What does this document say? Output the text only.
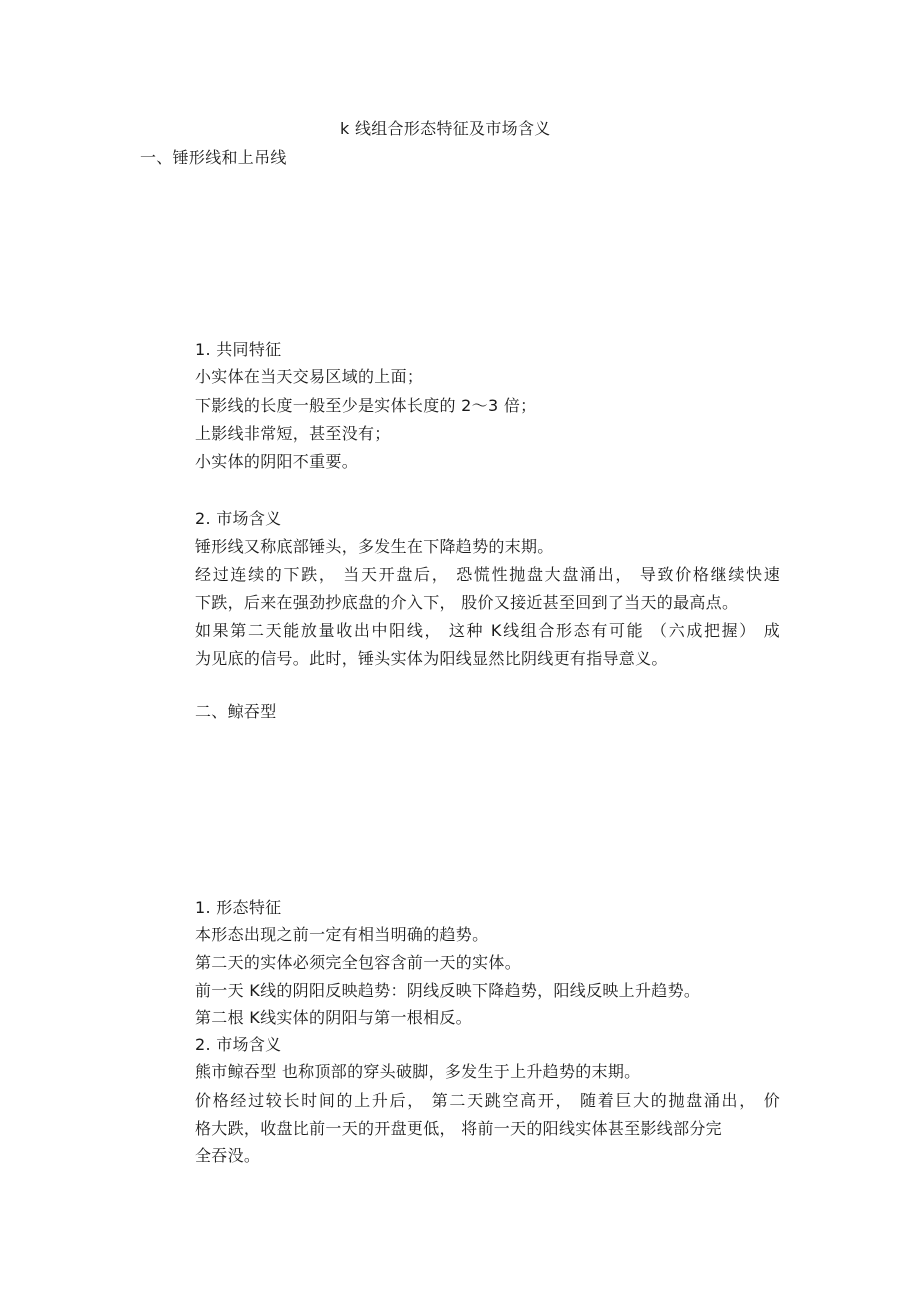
k 线组合形态特征及市场含义
一、锤形线和上吊线
1. 共同特征
小实体在当天交易区域的上面；
下影线的长度一般至少是实体长度的 2～3 倍；
上影线非常短，甚至没有；
小实体的阴阳不重要。
2. 市场含义
锤形线又称底部锤头，多发生在下降趋势的末期。
经过连续的下跌， 当天开盘后， 恐慌性抛盘大盘涌出， 导致价格继续快速
下跌，后来在强劲抄底盘的介入下， 股价又接近甚至回到了当天的最高点。
如果第二天能放量收出中阳线， 这种 K线组合形态有可能 （六成把握） 成
为见底的信号。此时，锤头实体为阳线显然比阴线更有指导意义。
二、鲸吞型
1. 形态特征
本形态出现之前一定有相当明确的趋势。
第二天的实体必须完全包容含前一天的实体。
前一天 K线的阴阳反映趋势：阴线反映下降趋势，阳线反映上升趋势。
第二根 K线实体的阴阳与第一根相反。
2. 市场含义
熊市鲸吞型 也称顶部的穿头破脚，多发生于上升趋势的末期。
价格经过较长时间的上升后， 第二天跳空高开， 随着巨大的抛盘涌出， 价
格大跌，收盘比前一天的开盘更低， 将前一天的阳线实体甚至影线部分完
全吞没。
